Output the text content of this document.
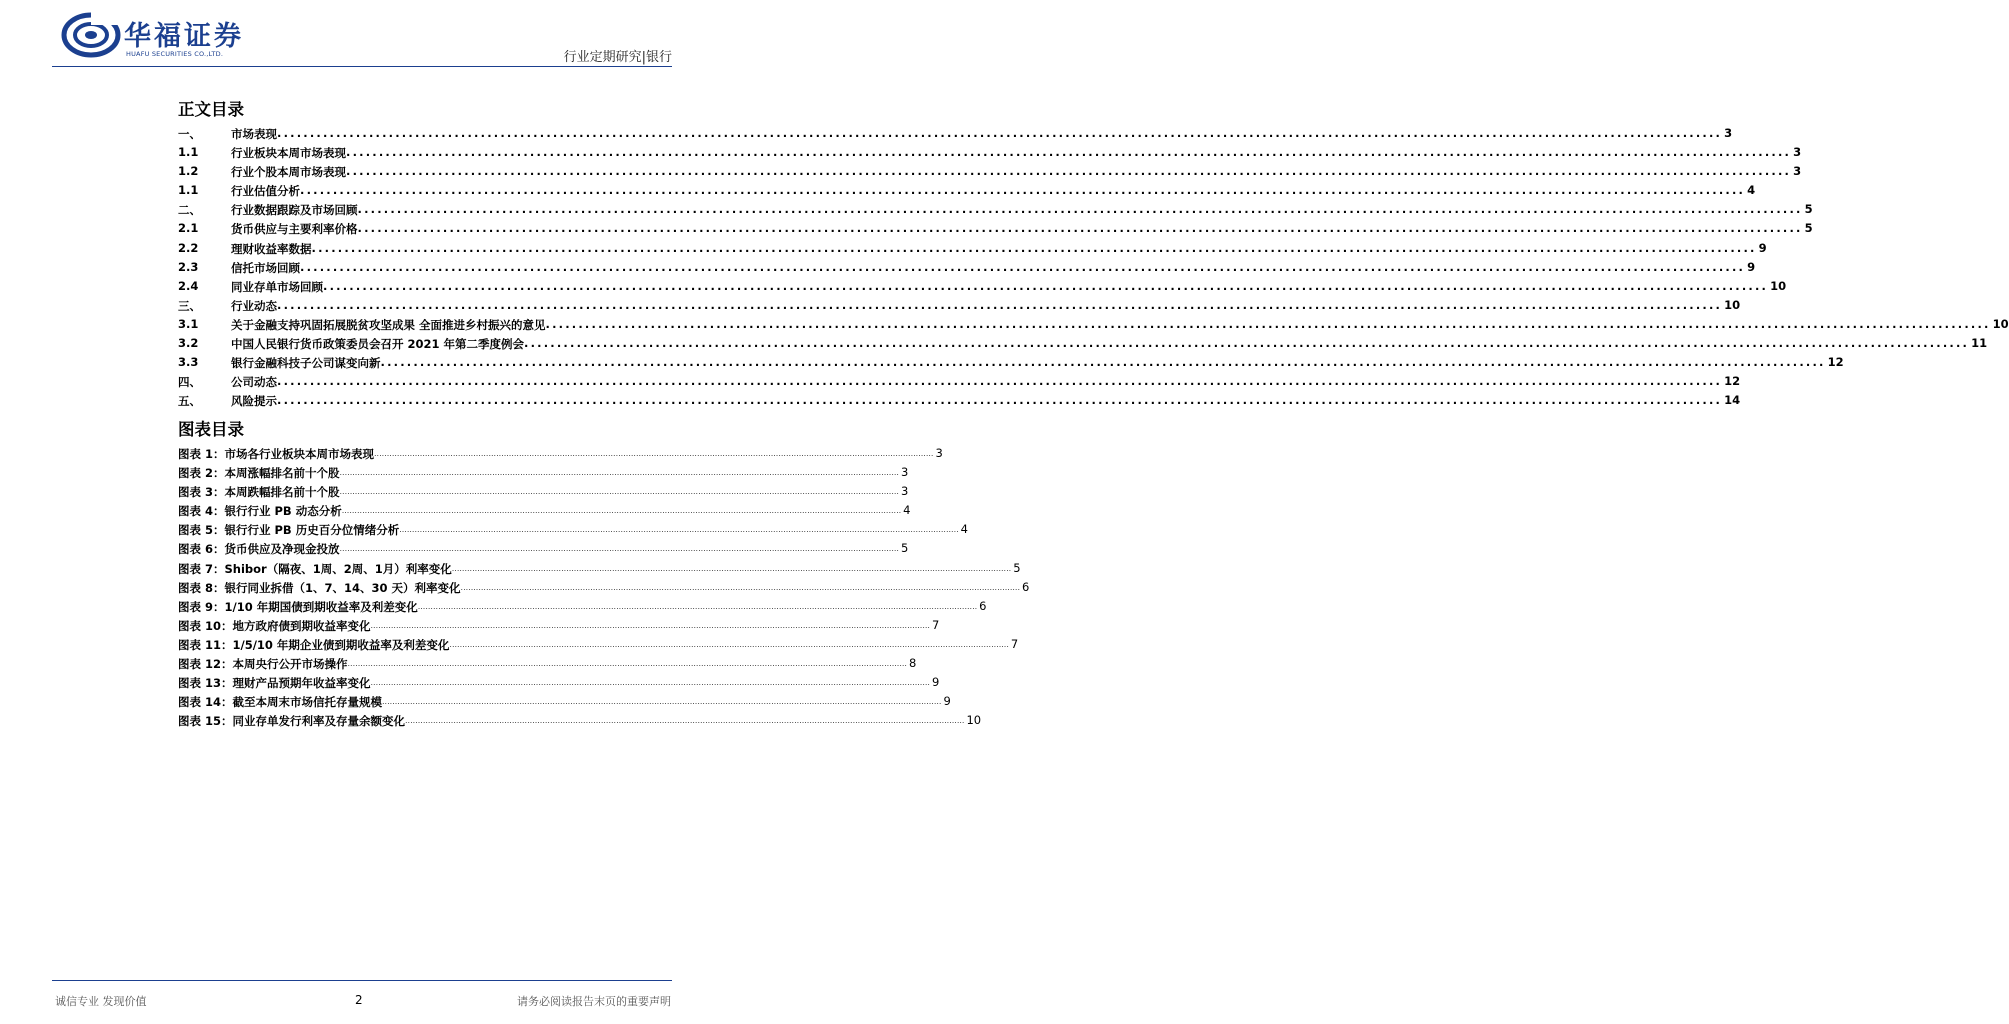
华福证券
HUAFU SECURITIES CO.,LTD.	行业定期研究|银行
正文目录
一、	市场表现 ............................................................................................................................................................................................................................ 3
1.1	行业板块本周市场表现 ............................................................................................................................................................................................................................ 3
1.2	行业个股本周市场表现 ............................................................................................................................................................................................................................ 3
1.1	行业估值分析 ............................................................................................................................................................................................................................ 4
二、	行业数据跟踪及市场回顾 ............................................................................................................................................................................................................................ 5
2.1	货币供应与主要利率价格 ............................................................................................................................................................................................................................ 5
2.2	理财收益率数据 ............................................................................................................................................................................................................................ 9
2.3	信托市场回顾 ............................................................................................................................................................................................................................ 9
2.4	同业存单市场回顾 ............................................................................................................................................................................................................................ 10
三、	行业动态 ............................................................................................................................................................................................................................ 10
3.1	关于金融支持巩固拓展脱贫攻坚成果 全面推进乡村振兴的意见 ............................................................................................................................................................................................................................ 10
3.2	中国人民银行货币政策委员会召开 2021 年第二季度例会 ............................................................................................................................................................................................................................ 11
3.3	银行金融科技子公司谋变向新 ............................................................................................................................................................................................................................ 12
四、	公司动态 ............................................................................................................................................................................................................................ 12
五、	风险提示 ............................................................................................................................................................................................................................ 14
图表目录
图表 1：市场各行业板块本周市场表现 ............................................................................................................................................................................................................................ 3
图表 2：本周涨幅排名前十个股 ............................................................................................................................................................................................................................ 3
图表 3：本周跌幅排名前十个股 ............................................................................................................................................................................................................................ 3
图表 4：银行行业 PB 动态分析 ............................................................................................................................................................................................................................ 4
图表 5：银行行业 PB 历史百分位情绪分析 ............................................................................................................................................................................................................................ 4
图表 6：货币供应及净现金投放 ............................................................................................................................................................................................................................ 5
图表 7：Shibor（隔夜、1周、2周、1月）利率变化 ............................................................................................................................................................................................................................ 5
图表 8：银行同业拆借（1、7、14、30 天）利率变化 ............................................................................................................................................................................................................................ 6
图表 9：1/10 年期国债到期收益率及利差变化 ............................................................................................................................................................................................................................ 6
图表 10：地方政府债到期收益率变化 ............................................................................................................................................................................................................................ 7
图表 11：1/5/10 年期企业债到期收益率及利差变化 ............................................................................................................................................................................................................................ 7
图表 12：本周央行公开市场操作 ............................................................................................................................................................................................................................ 8
图表 13：理财产品预期年收益率变化 ............................................................................................................................................................................................................................ 9
图表 14：截至本周末市场信托存量规模 ............................................................................................................................................................................................................................ 9
图表 15：同业存单发行利率及存量余额变化 ............................................................................................................................................................................................................................ 10
诚信专业 发现价值	2	请务必阅读报告末页的重要声明
